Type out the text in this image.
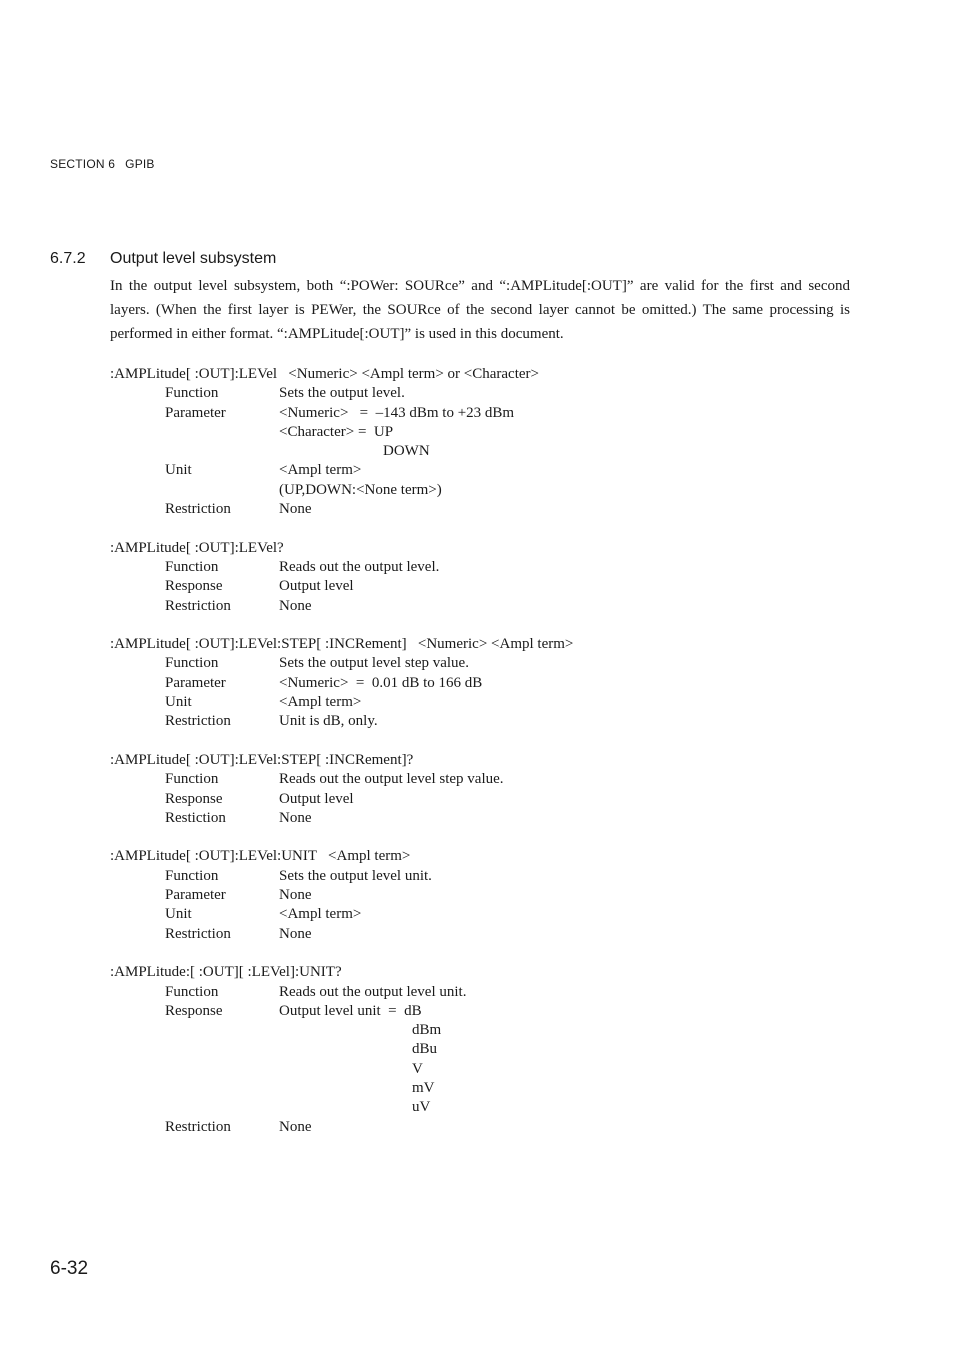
SECTION 6 GPIB
6.7.2 Output level subsystem

In the output level subsystem, both “:POWer: SOURce” and “:AMPLitude[:OUT]” are valid for the first and second layers. (When the first layer is PEWer, the SOURce of the second layer cannot be omitted.) The same processing is performed in either format. “:AMPLitude[:OUT]” is used in this document.

:AMPLitude[ :OUT]:LEVel   <Numeric> <Ampl term> or <Character>
Function	Sets the output level.
Parameter	<Numeric>   =  –143 dBm to +23 dBm
<Character> =  UP
DOWN
Unit	<Ampl term>
(UP,DOWN:<None term>)
Restriction	None
:AMPLitude[ :OUT]:LEVel?
Function	Reads out the output level.
Response	Output level
Restriction	None
:AMPLitude[ :OUT]:LEVel:STEP[ :INCRement]   <Numeric> <Ampl term>
Function	Sets the output level step value.
Parameter	<Numeric>  =  0.01 dB to 166 dB
Unit	<Ampl term>
Restriction	Unit is dB, only.
:AMPLitude[ :OUT]:LEVel:STEP[ :INCRement]?
Function	Reads out the output level step value.
Response	Output level
Restiction	None
:AMPLitude[ :OUT]:LEVel:UNIT   <Ampl term>
Function	Sets the output level unit.
Parameter	None
Unit	<Ampl term>
Restriction	None
:AMPLitude:[ :OUT][ :LEVel]:UNIT?
Function	Reads out the output level unit.
Response	Output level unit  =  dB
dBm
dBu
V
mV
uV
Restriction	None
6-32
